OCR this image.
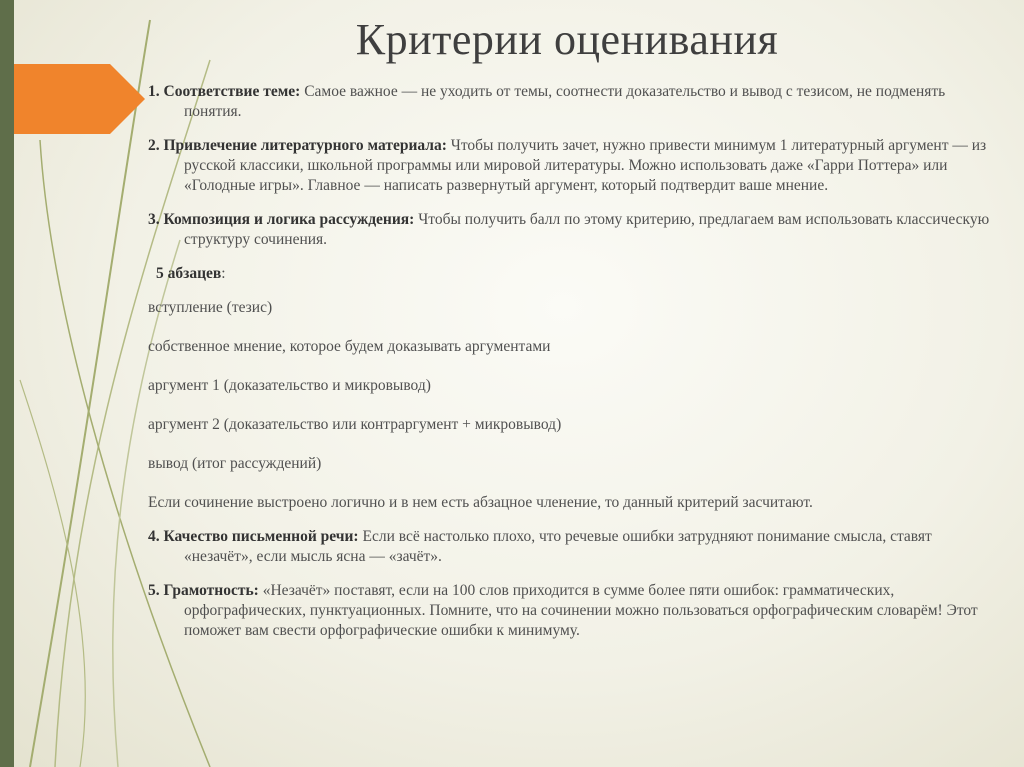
Критерии оценивания

1. Соответствие теме: Самое важное — не уходить от темы, соотнести доказательство и вывод с тезисом, не подменять понятия.

2. Привлечение литературного материала: Чтобы получить зачет, нужно привести минимум 1 литературный аргумент — из русской классики, школьной программы или мировой литературы. Можно использовать даже «Гарри Поттера» или «Голодные игры». Главное — написать развернутый аргумент, который подтвердит ваше мнение.

3. Композиция и логика рассуждения: Чтобы получить балл по этому критерию, предлагаем вам использовать классическую структуру сочинения.

5 абзацев:

вступление (тезис)

собственное мнение, которое будем доказывать аргументами

аргумент 1 (доказательство и микровывод)

аргумент 2 (доказательство или контраргумент + микровывод)

вывод (итог рассуждений)

Если сочинение выстроено логично и в нем есть абзацное членение, то данный критерий засчитают.

4. Качество письменной речи: Если всё настолько плохо, что речевые ошибки затрудняют понимание смысла, ставят «незачёт», если мысль ясна — «зачёт».

5. Грамотность: «Незачёт» поставят, если на 100 слов приходится в сумме более пяти ошибок: грамматических, орфографических, пунктуационных. Помните, что на сочинении можно пользоваться орфографическим словарём! Этот поможет вам свести орфографические ошибки к минимуму.
